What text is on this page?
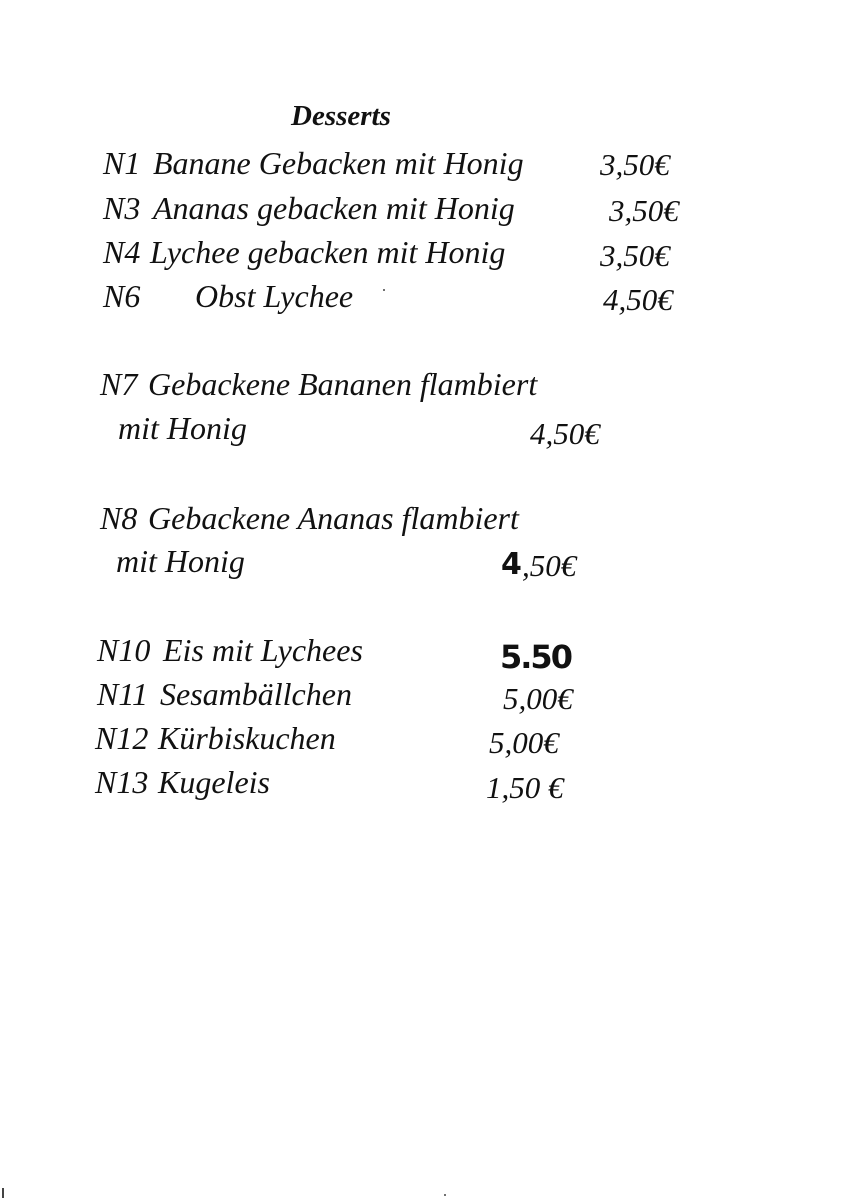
Desserts
N1 Banane Gebacken mit Honig 3,50€
N3 Ananas gebacken mit Honig	3,50€
N4 Lychee gebacken mit Honig	3,50€
N6 Obst Lychee	4,50€
N7 Gebackene Bananen flambiert
mit Honig	4,50€
N8 Gebackene Ananas flambiert
mit Honig	4 ,50€
N10 Eis mit Lychees	5.50
N11 Sesambällchen	5,00€
N12 Kürbiskuchen	5,00€
N13 Kugeleis	1,50 €
